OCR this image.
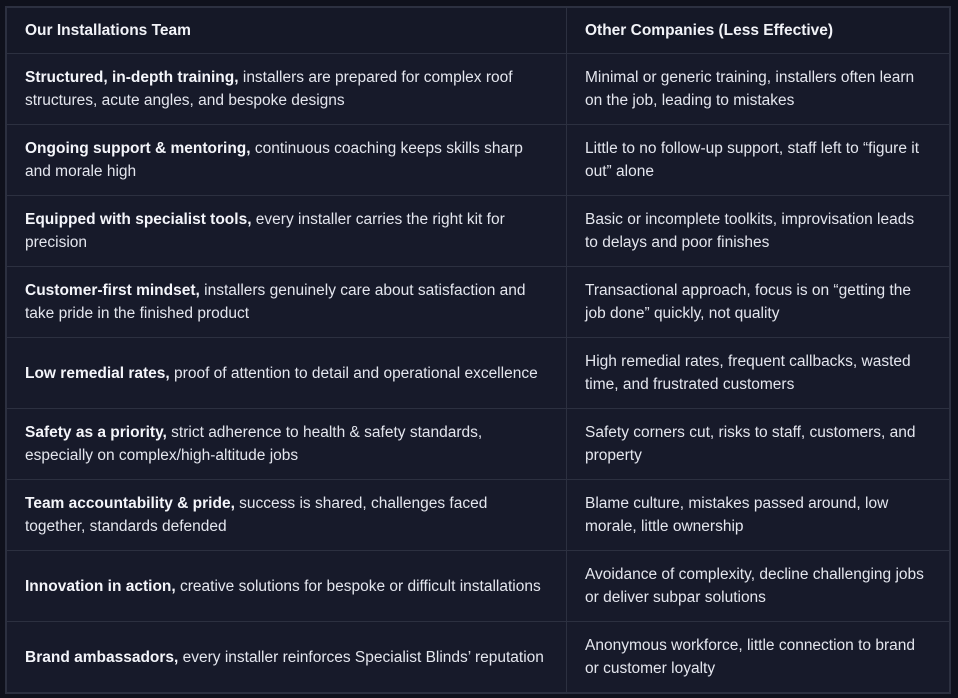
Our Installations Team	Other Companies (Less Effective)
Structured, in-depth training, installers are prepared for complex roof structures, acute angles, and bespoke designs	Minimal or generic training, installers often learn on the job, leading to mistakes
Ongoing support & mentoring, continuous coaching keeps skills sharp and morale high	Little to no follow-up support, staff left to “figure it out” alone
Equipped with specialist tools, every installer carries the right kit for precision	Basic or incomplete toolkits, improvisation leads to delays and poor finishes
Customer-first mindset, installers genuinely care about satisfaction and take pride in the finished product	Transactional approach, focus is on “getting the job done” quickly, not quality
Low remedial rates, proof of attention to detail and operational excellence	High remedial rates, frequent callbacks, wasted time, and frustrated customers
Safety as a priority, strict adherence to health & safety standards, especially on complex/high-altitude jobs	Safety corners cut, risks to staff, customers, and property
Team accountability & pride, success is shared, challenges faced together, standards defended	Blame culture, mistakes passed around, low morale, little ownership
Innovation in action, creative solutions for bespoke or difficult installations	Avoidance of complexity, decline challenging jobs or deliver subpar solutions
Brand ambassadors, every installer reinforces Specialist Blinds’ reputation	Anonymous workforce, little connection to brand or customer loyalty
